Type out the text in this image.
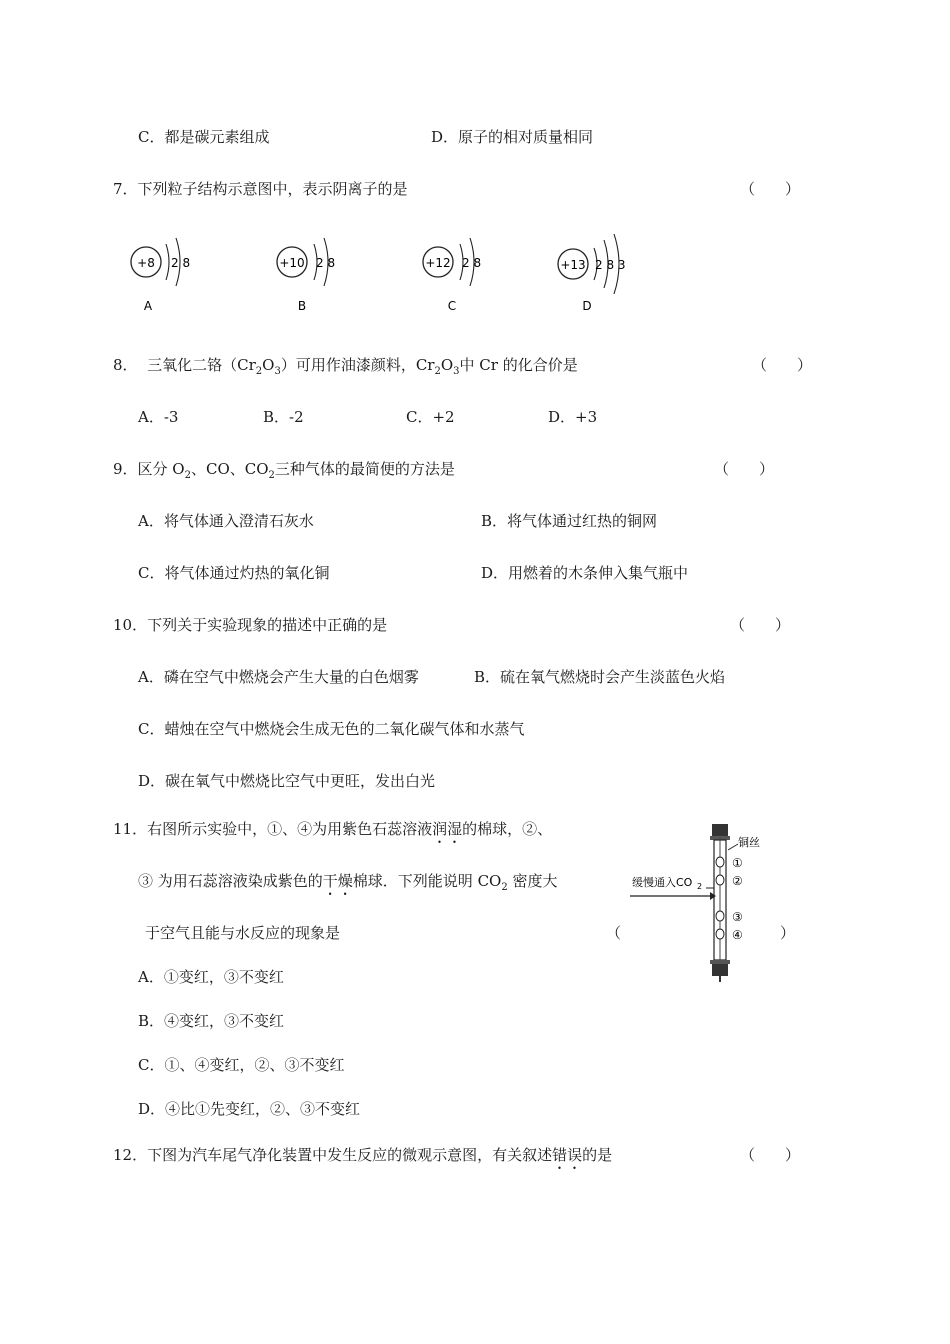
C．都是碳元素组成	D．原子的相对质量相同
7．下列粒子结构示意图中，表示阴离子的是	（　　）
+8 2 8
A
+10 2 8
B
+12 2 8
C
+13 2 8 3
D
8． 三氧化二铬$(Cr_2O_3)$可用作油漆颜料，$Cr_2O_3$中 Cr 的化合价是	（　　）
A．-3	B．-2	C．+2	D．+3
9．区分 $O_2$、CO、$CO_2$三种气体的最简便的方法是	（　　）
A．将气体通入澄清石灰水	B．将气体通过红热的铜网
C．将气体通过灼热的氧化铜	D．用燃着的木条伸入集气瓶中
10．下列关于实验现象的描述中正确的是	（　　）
A．磷在空气中燃烧会产生大量的白色烟雾	B．硫在氧气燃烧时会产生淡蓝色火焰
C．蜡烛在空气中燃烧会生成无色的二氧化碳气体和水蒸气
D．碳在氧气中燃烧比空气中更旺，发出白光
11．右图所示实验中，①、④为用紫色石蕊溶液润湿的棉球，②、
③ 为用石蕊溶液染成紫色的干燥棉球．下列能说明 $CO_2$ 密度大
于空气且能与水反应的现象是	（	）
缓慢通入CO 2
铜丝
①
②
③
④
A．①变红，③不变红
B．④变红，③不变红
C．①、④变红，②、③不变红
D．④比①先变红，②、③不变红
12．下图为汽车尾气净化装置中发生反应的微观示意图，有关叙述错误的是	（　　）
